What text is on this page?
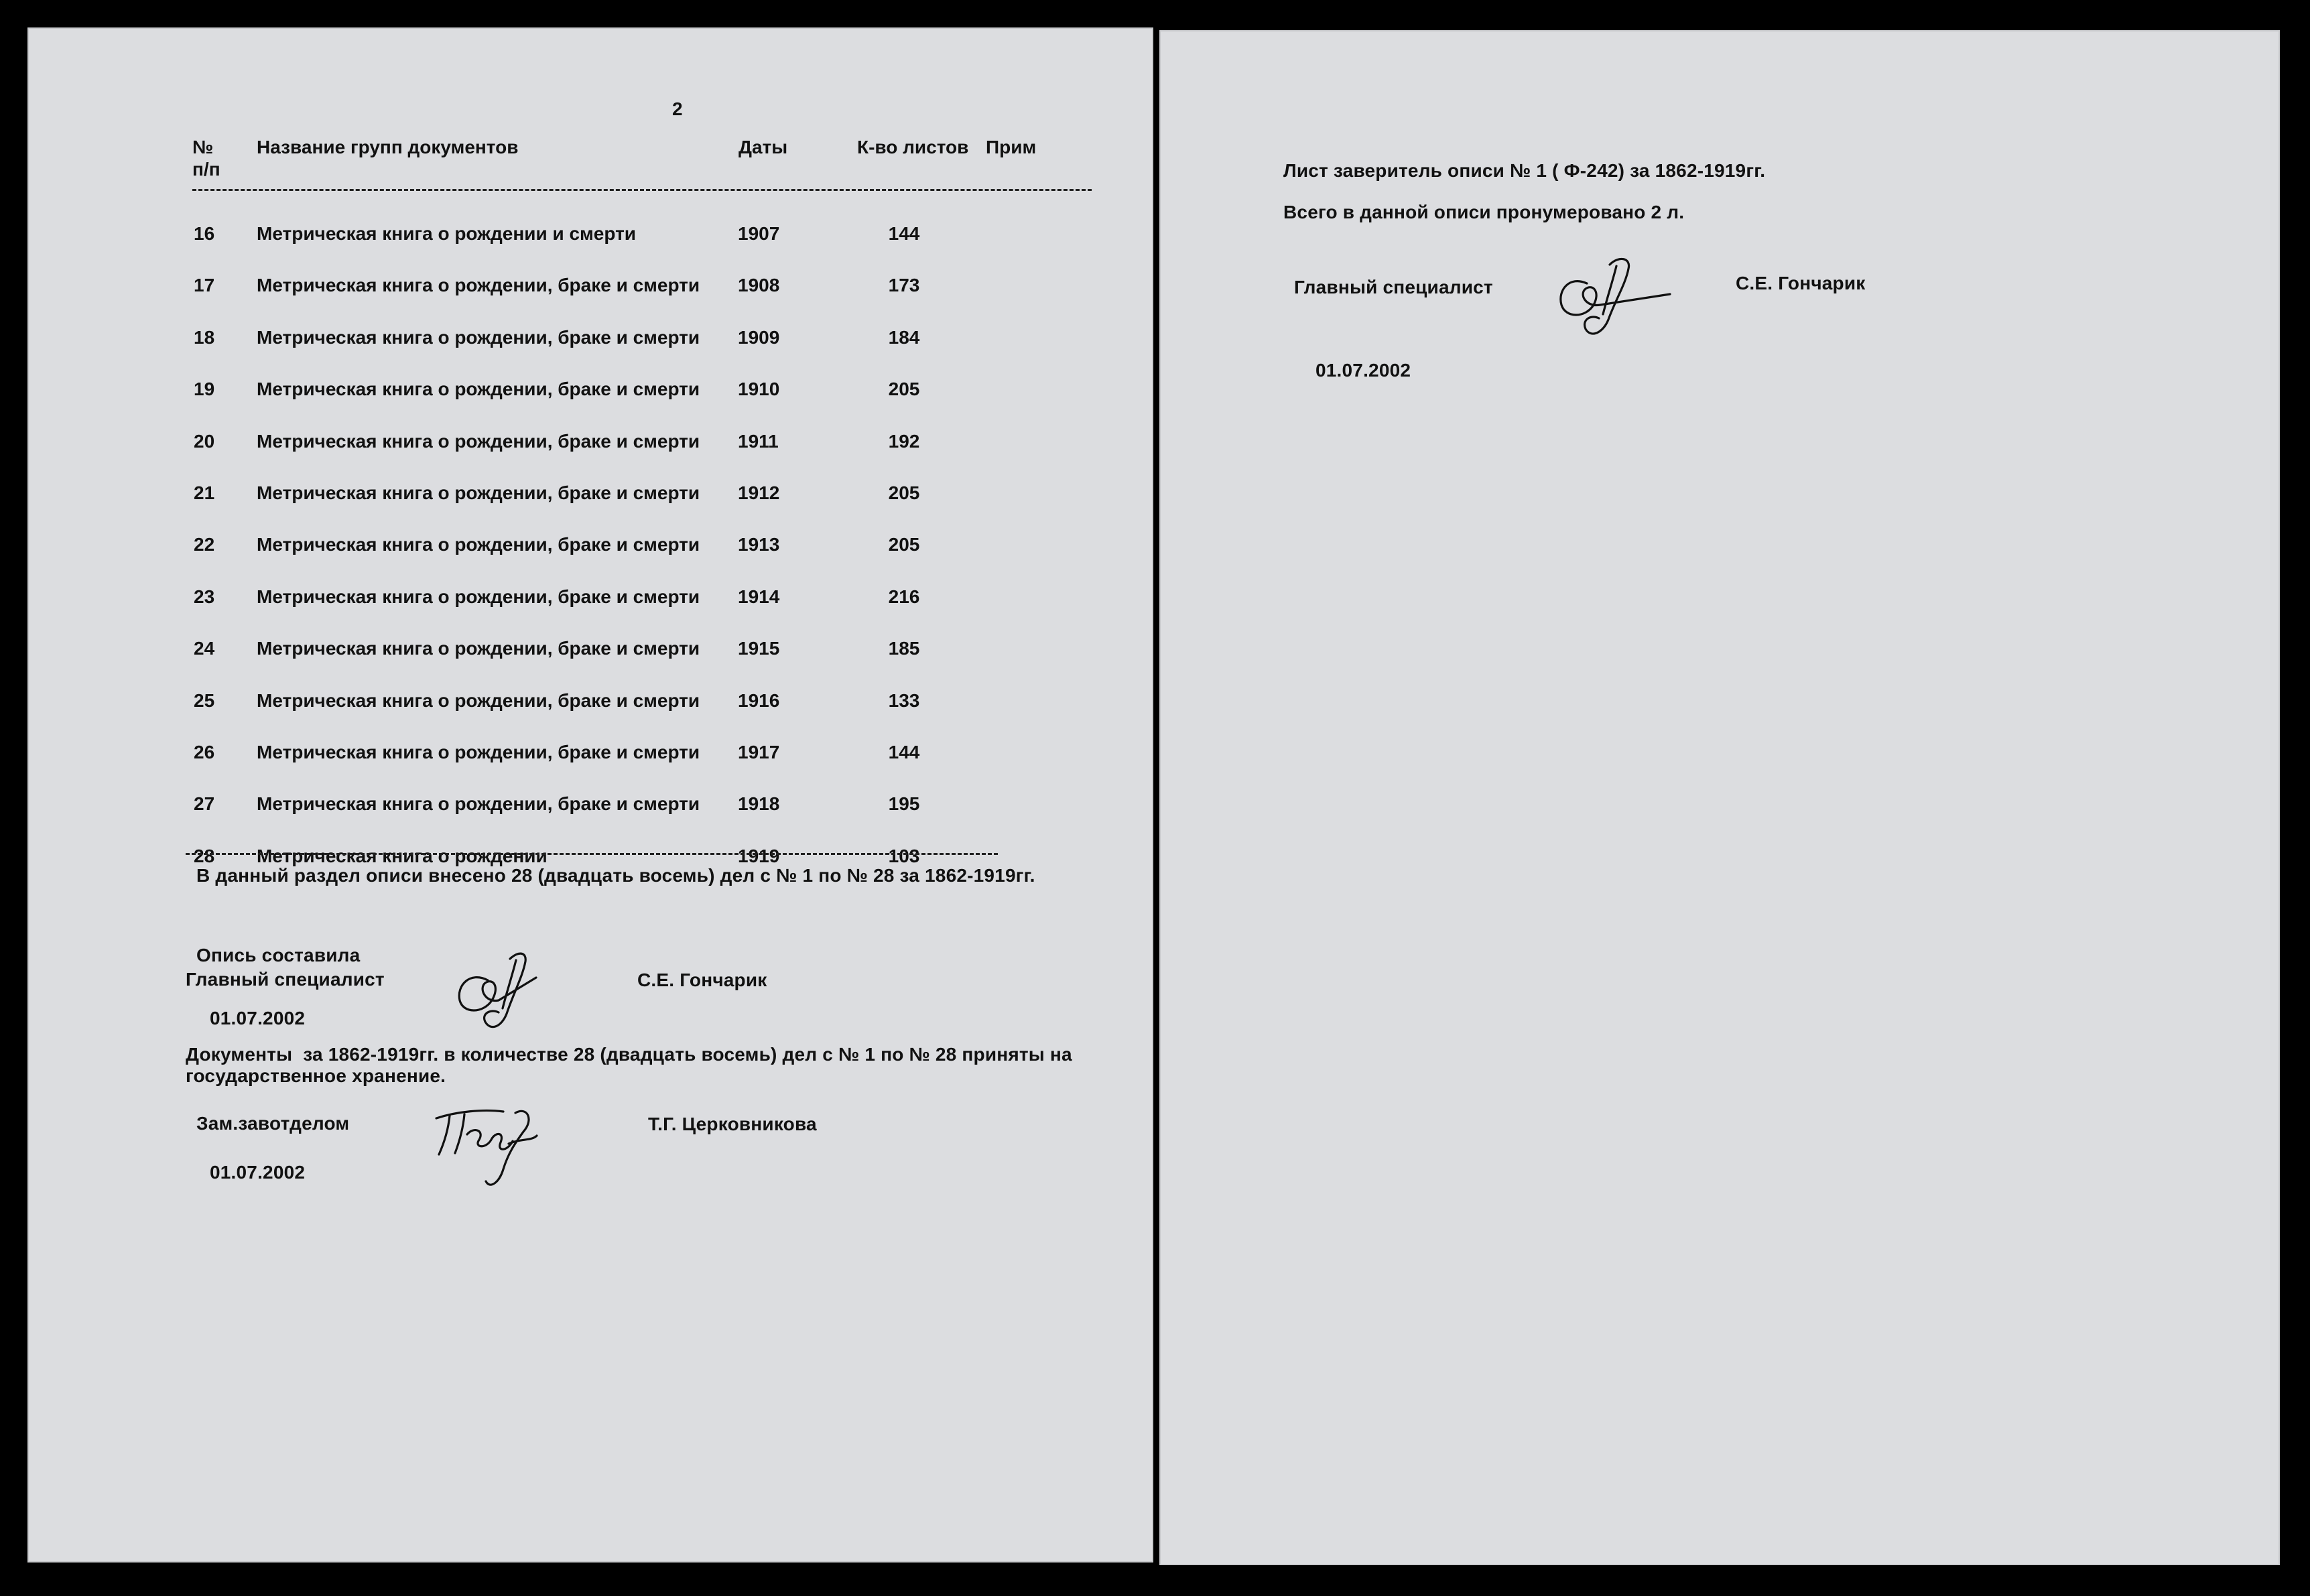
2
№
п/п
Название групп документов	Даты	К-во листов Прим
16 Метрическая книга о рождении и смерти	1907	144
17 Метрическая книга о рождении, браке и смерти 1908	173
18 Метрическая книга о рождении, браке и смерти 1909	184
19 Метрическая книга о рождении, браке и смерти 1910	205
20 Метрическая книга о рождении, браке и смерти 1911	192
21 Метрическая книга о рождении, браке и смерти 1912	205
22 Метрическая книга о рождении, браке и смерти 1913	205
23 Метрическая книга о рождении, браке и смерти 1914	216
24 Метрическая книга о рождении, браке и смерти 1915	185
25 Метрическая книга о рождении, браке и смерти 1916	133
26 Метрическая книга о рождении, браке и смерти 1917	144
27 Метрическая книга о рождении, браке и смерти 1918	195
28 Метрическая книга о рождении	1919	103
В данный раздел описи внесено 28 (двадцать восемь) дел с № 1 по № 28 за 1862-1919гг.
Опись составила
Главный специалист	С.Е. Гончарик
01.07.2002
Документы  за 1862-1919гг. в количестве 28 (двадцать восемь) дел с № 1 по № 28 приняты на
государственное хранение.
Зам.завотделом	Т.Г. Церковникова
01.07.2002
Лист заверитель описи № 1 ( Ф-242) за 1862-1919гг.
Всего в данной описи пронумеровано 2 л.
Главный специалист	С.Е. Гончарик
01.07.2002
